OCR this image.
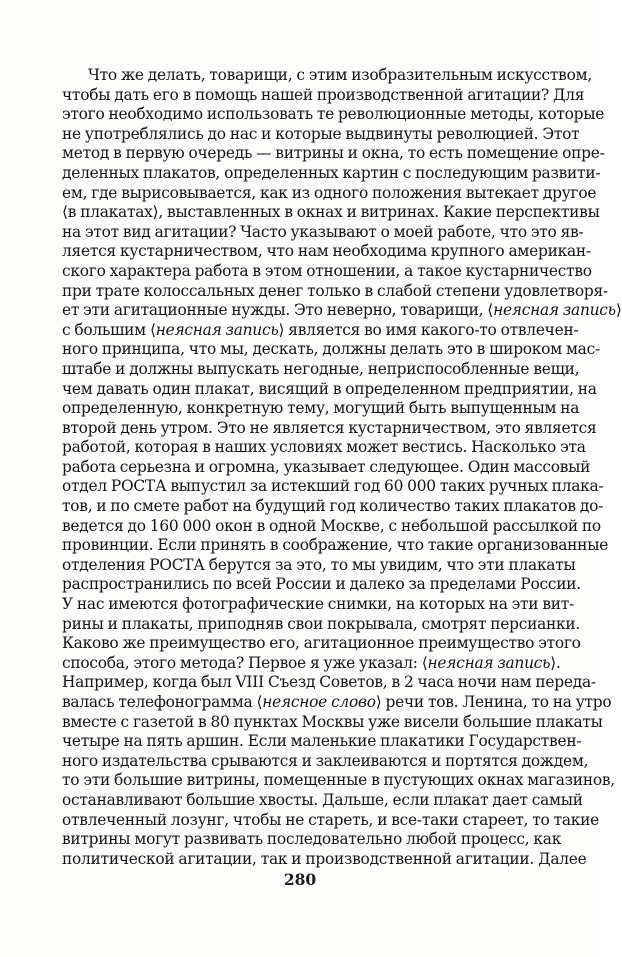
Что же делать, товарищи, с этим изобразительным искусством,
чтобы дать его в помощь нашей производственной агитации? Для
этого необходимо использовать те революционные методы, которые
не употреблялись до нас и которые выдвинуты революцией. Этот
метод в первую очередь — витрины и окна, то есть помещение опре-
деленных плакатов, определенных картин с последующим развити-
ем, где вырисовывается, как из одного положения вытекает другое
⟨в плакатах⟩, выставленных в окнах и витринах. Какие перспективы
на этот вид агитации? Часто указывают о моей работе, что это яв-
ляется кустарничеством, что нам необходима крупного американ-
ского характера работа в этом отношении, а такое кустарничество
при трате колоссальных денег только в слабой степени удовлетворя-
ет эти агитационные нужды. Это неверно, товарищи, ⟨неясная запись⟩
с большим ⟨неясная запись⟩ является во имя какого-то отвлечен-
ного принципа, что мы, дескать, должны делать это в широком мас-
штабе и должны выпускать негодные, неприспособленные вещи,
чем давать один плакат, висящий в определенном предприятии, на
определенную, конкретную тему, могущий быть выпущенным на
второй день утром. Это не является кустарничеством, это является
работой, которая в наших условиях может вестись. Насколько эта
работа серьезна и огромна, указывает следующее. Один массовый
отдел РОСТА выпустил за истекший год 60 000 таких ручных плака-
тов, и по смете работ на будущий год количество таких плакатов до-
ведется до 160 000 окон в одной Москве, с небольшой рассылкой по
провинции. Если принять в соображение, что такие организованные
отделения РОСТА берутся за это, то мы увидим, что эти плакаты
распространились по всей России и далеко за пределами России.
У нас имеются фотографические снимки, на которых на эти вит-
рины и плакаты, приподняв свои покрывала, смотрят персианки.
Каково же преимущество его, агитационное преимущество этого
способа, этого метода? Первое я уже указал: ⟨неясная запись⟩.
Например, когда был VIII Съезд Советов, в 2 часа ночи нам переда-
валась телефонограмма ⟨неясное слово⟩ речи тов. Ленина, то на утро
вместе с газетой в 80 пунктах Москвы уже висели большие плакаты
четыре на пять аршин. Если маленькие плакатики Государствен-
ного издательства срываются и заклеиваются и портятся дождем,
то эти большие витрины, помещенные в пустующих окнах магазинов,
останавливают большие хвосты. Дальше, если плакат дает самый
отвлеченный лозунг, чтобы не стареть, и все-таки стареет, то такие
витрины могут развивать последовательно любой процесс, как
политической агитации, так и производственной агитации. Далее
280
